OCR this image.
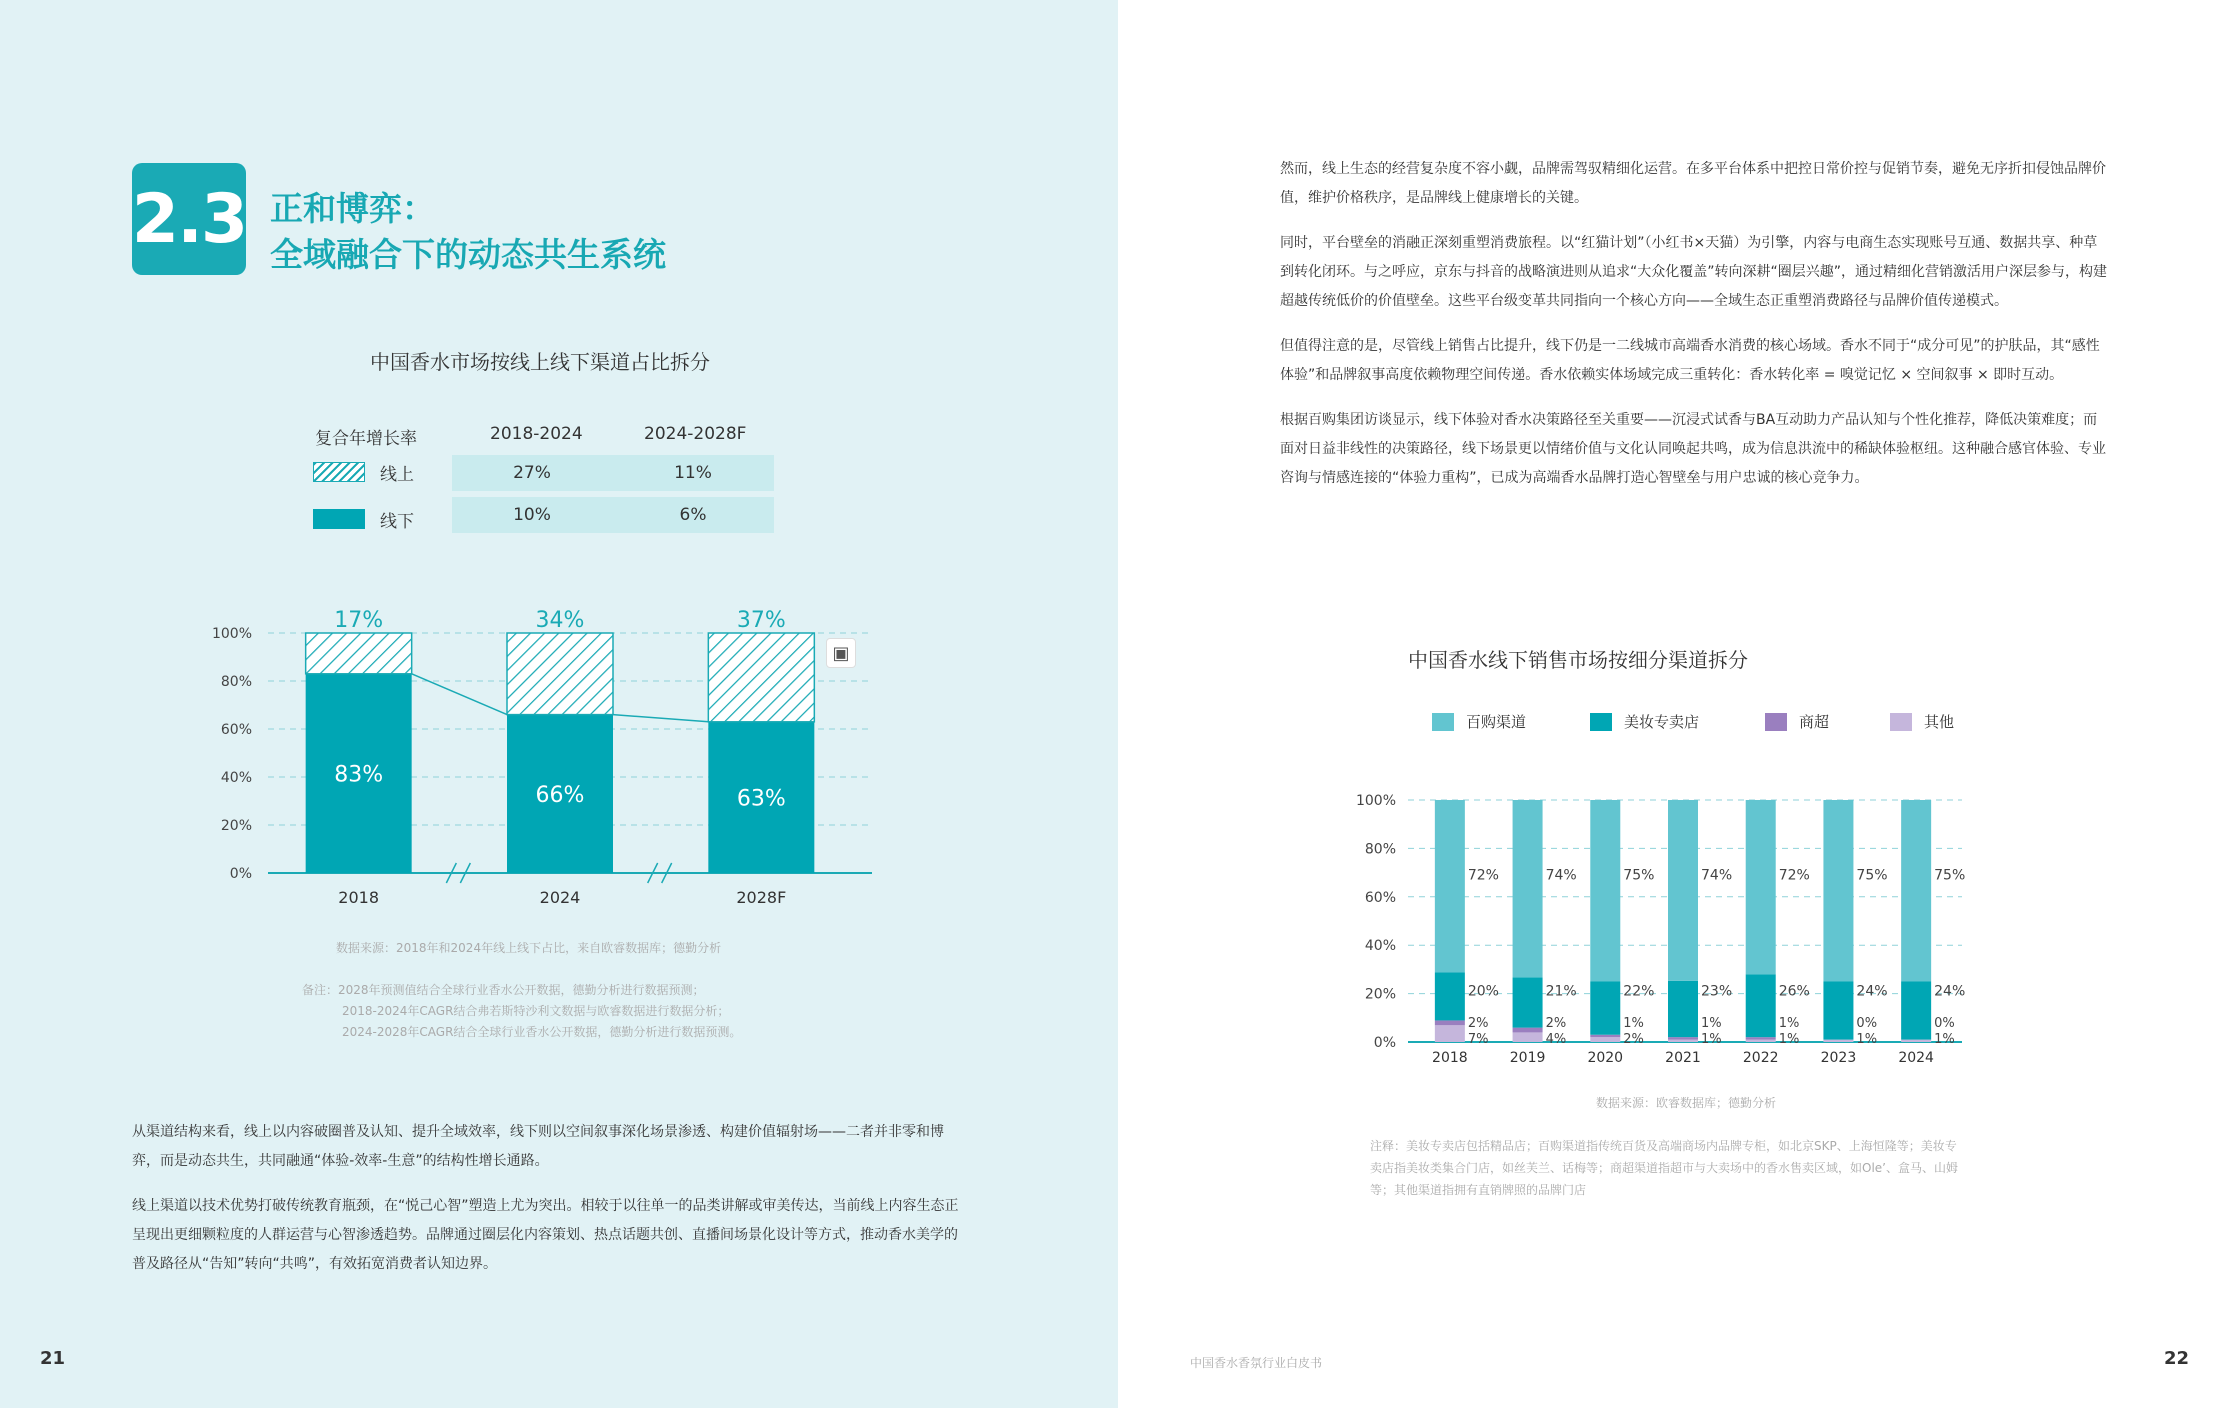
2.3 正和博弈：
全域融合下的动态共生系统
中国香水市场按线上线下渠道占比拆分
复合年增长率	2018-2024	2024-2028F
线上	27%	11%
线下	10%	6%
0%
20%
40%
60%
80%
100%
83%
17%
2018
66%
34%
2024
63%
37%
2028F
▣
数据来源：2018年和2024年线上线下占比，来自欧睿数据库；德勤分析
备注：2028年预测值结合全球行业香水公开数据，德勤分析进行数据预测；
2018-2024年CAGR结合弗若斯特沙利文数据与欧睿数据进行数据分析；
2024-2028年CAGR结合全球行业香水公开数据，德勤分析进行数据预测。

从渠道结构来看，线上以内容破圈普及认知、提升全域效率，线下则以空间叙事深化场景渗透、构建价值辐射场——二者并非零和博弈，而是动态共生，共同融通“体验-效率-生意”的结构性增长通路。

线上渠道以技术优势打破传统教育瓶颈，在“悦己心智”塑造上尤为突出。相较于以往单一的品类讲解或审美传达，当前线上内容生态正呈现出更细颗粒度的人群运营与心智渗透趋势。品牌通过圈层化内容策划、热点话题共创、直播间场景化设计等方式，推动香水美学的普及路径从“告知”转向“共鸣”，有效拓宽消费者认知边界。

21

然而，线上生态的经营复杂度不容小觑，品牌需驾驭精细化运营。在多平台体系中把控日常价控与促销节奏，避免无序折扣侵蚀品牌价值，维护价格秩序，是品牌线上健康增长的关键。

同时，平台壁垒的消融正深刻重塑消费旅程。以“红猫计划”（小红书×天猫）为引擎，内容与电商生态实现账号互通、数据共享、种草到转化闭环。与之呼应，京东与抖音的战略演进则从追求“大众化覆盖”转向深耕“圈层兴趣”，通过精细化营销激活用户深层参与，构建超越传统低价的价值壁垒。这些平台级变革共同指向一个核心方向——全域生态正重塑消费路径与品牌价值传递模式。

但值得注意的是，尽管线上销售占比提升，线下仍是一二线城市高端香水消费的核心场域。香水不同于“成分可见”的护肤品，其“感性体验”和品牌叙事高度依赖物理空间传递。香水依赖实体场域完成三重转化：香水转化率 = 嗅觉记忆 × 空间叙事 × 即时互动。

根据百购集团访谈显示，线下体验对香水决策路径至关重要——沉浸式试香与BA互动助力产品认知与个性化推荐，降低决策难度；而面对日益非线性的决策路径，线下场景更以情绪价值与文化认同唤起共鸣，成为信息洪流中的稀缺体验枢纽。这种融合感官体验、专业咨询与情感连接的“体验力重构”，已成为高端香水品牌打造心智壁垒与用户忠诚的核心竞争力。

中国香水线下销售市场按细分渠道拆分
百购渠道	美妆专卖店	商超	其他
0%
20%
40%
60%
80%
100%
72%
20%
2%
7%
2018
74%
21%
2%
4%
2019
75%
22%
1%
2%
2020
74%
23%
1%
1%
2021
72%
26%
1%
1%
2022
75%
24%
0%
1%
2023
75%
24%
0%
1%
2024
数据来源：欧睿数据库；德勤分析
注释：美妆专卖店包括精品店；百购渠道指传统百货及高端商场内品牌专柜，如北京SKP、上海恒隆等；美妆专
卖店指美妆类集合门店，如丝芙兰、话梅等；商超渠道指超市与大卖场中的香水售卖区域，如Ole’、盒马、山姆
等；其他渠道指拥有直销牌照的品牌门店
中国香水香氛行业白皮书	22
